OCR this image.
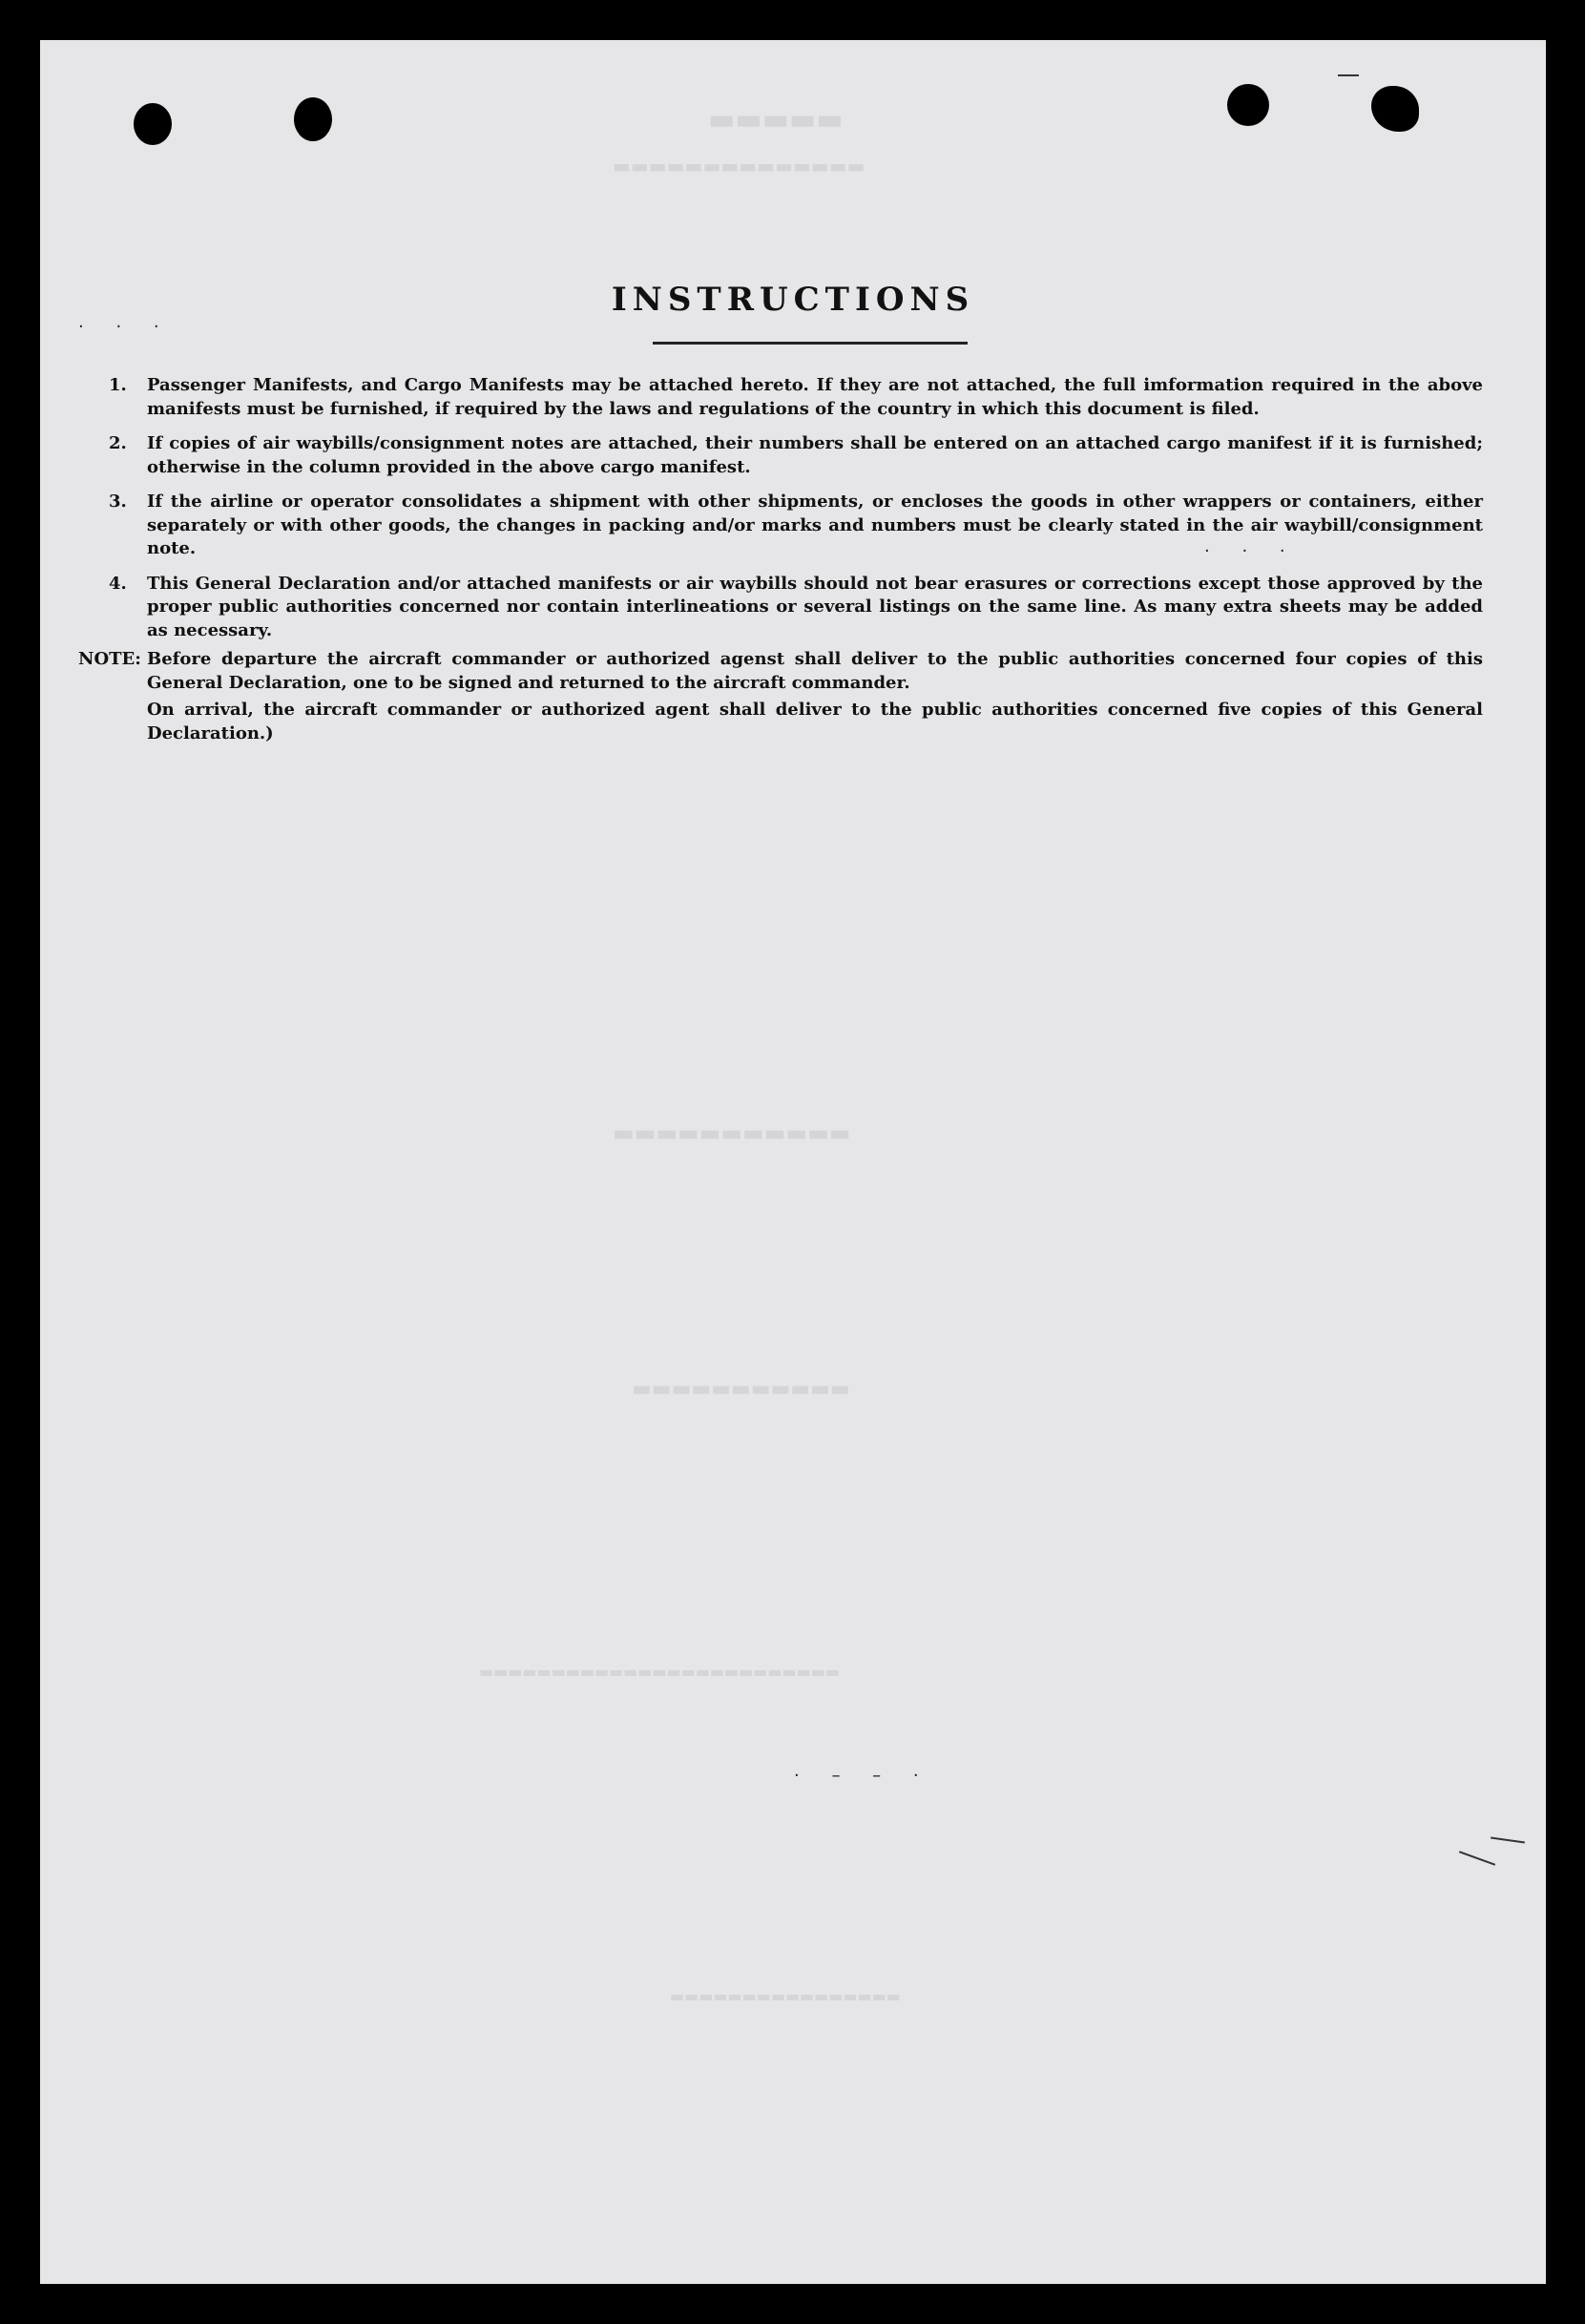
▬▬▬▬▬
▬▬▬▬▬▬▬▬▬▬▬▬▬▬
▬▬▬▬▬▬▬▬▬▬▬
▬▬▬▬▬▬▬▬▬▬▬
▬▬▬▬▬▬▬▬▬▬▬▬▬▬▬▬▬▬▬▬▬▬▬▬▬
▬▬▬▬▬▬▬▬▬▬▬▬▬▬▬▬
· · ·
· · ·
· – – ·
INSTRUCTIONS
1. Passenger Manifests, and Cargo Manifests may be attached hereto. If they are not attached, the full imformation required in the above manifests must be furnished, if required by the laws and regulations of the country in which this document is filed.
2. If copies of air waybills/consignment notes are attached, their numbers shall be entered on an attached cargo manifest if it is furnished; otherwise in the column provided in the above cargo manifest.
3. If the airline or operator consolidates a shipment with other shipments, or encloses the goods in other wrappers or containers, either separately or with other goods, the changes in packing and/or marks and numbers must be clearly stated in the air waybill/consignment note.
4. This General Declaration and/or attached manifests or air waybills should not bear erasures or corrections except those approved by the proper public authorities concerned nor contain interlineations or several listings on the same line. As many extra sheets may be added as necessary.
NOTE: Before departure the aircraft commander or authorized agenst shall deliver to the public authorities concerned four copies of this General Declaration, one to be signed and returned to the aircraft commander.
On arrival, the aircraft commander or authorized agent shall deliver to the public authorities concerned five copies of this General Declaration.)
